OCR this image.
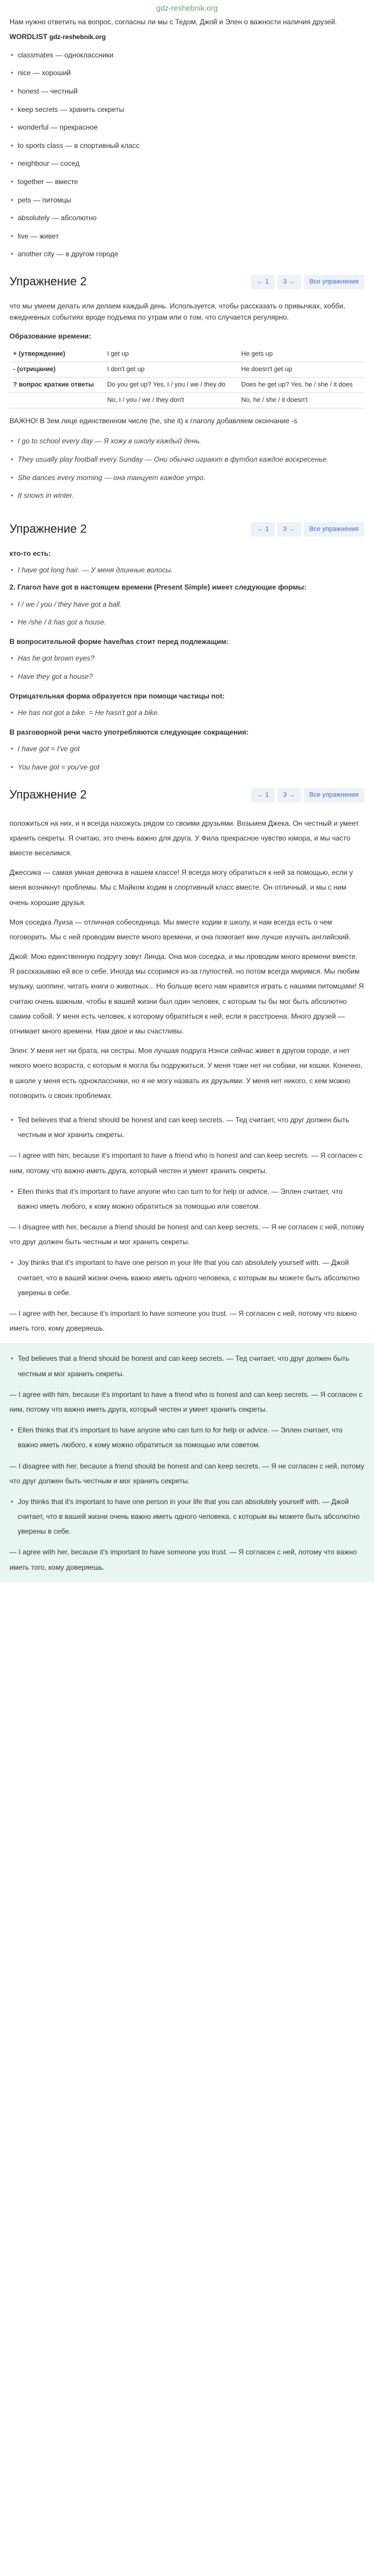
gdz-reshebnik.org
Нам нужно ответить на вопрос, согласны ли мы с Тедом, Джой и Элен о важности наличия друзей.
WORDLIST gdz-reshebnik.org
• classmates — одноклассники
• nice — хороший
• honest — честный
• keep secrets — хранить секреты
• wonderful — прекрасное
• to sports class — в спортивный класс
• neighbour — сосед
• together — вместе
• pets — питомцы
• absolutely — абсолютно
• live — живет
• another city — в другом городе
Упражнение 2	← 1	3 →	Все упражнения
что мы умеем делать или делаем каждый день. Используется, чтобы рассказать о привычках, хобби, ежедневных событиях вроде подъема по утрам или о том, что случается регулярно.
Образование времени:
+ (утверждение)	I get up	He gets up
- (отрицание)	I don't get up	He doesn't get up
? вопрос краткие ответы	Do you get up? Yes, I / you / we / they do	Does he get up? Yes, he / she / it does
	No, I / you / we / they don't	No, he / she / it doesn't
ВАЖНО! В 3ем лице единственном числе (he, she it) к глаголу добавляем окончание -s
• I go to school every day — Я хожу в школу каждый день.
• They usually play football every Sunday — Они обычно играют в футбол каждое воскресенье.
• She dances every morning — она танцует каждое утро.
• It snows in winter.
Упражнение 2	← 1	3 →	Все упражнения
кто-то есть:
• I have got long hair. — У меня длинные волосы.
2. Глагол have got в настоящем времени (Present Simple) имеет следующие формы:
• I / we / you / they have got a ball.
• He /she / it has got a house.
В вопросительной форме have/has стоит перед подлежащим:
• Has he got brown eyes?
• Have they got a house?
Отрицательная форма образуется при помощи частицы not:
• He has not got a bike. = He hasn't got a bike.
В разговорной речи часто употребляются следующие сокращения:
• I have got = I've got
• You have got = you've got
Упражнение 2	← 1	3 →	Все упражнения
положиться на них, и я всегда нахожусь рядом со своими друзьями. Возьмем Джека. Он честный и умеет хранить секреты. Я считаю, это очень важно для друга. У Фила прекрасное чувство юмора, и мы часто вместе веселимся.
Джессика — самая умная девочка в нашем классе! Я всегда могу обратиться к ней за помощью, если у меня возникнут проблемы. Мы с Майком ходим в спортивный класс вместе. Он отличный, и мы с ним очень хорошие друзья.
Моя соседка Луиза — отличная собеседница. Мы вместе ходим в школу, и нам всегда есть о чем поговорить. Мы с ней проводим вместе много времени, и она помогает мне лучше изучать английский.
Джой: Мою единственную подругу зовут Линда. Она моя соседка, и мы проводим много времени вместе. Я рассказываю ей все о себе. Иногда мы ссоримся из-за глупостей, но потом всегда миримся. Мы любим музыку, шоппинг, читать книги о животных... Но больше всего нам нравится играть с нашими питомцами! Я считаю очень важным, чтобы в вашей жизни был один человек, с которым ты бы мог быть абсолютно самим собой. У меня есть человек, к которому обратиться к ней, если я расстроена. Много друзей — отнимает много времени. Нам двое и мы счастливы.
Элен: У меня нет ни брата, ни сестры. Моя лучшая подруга Нэнси сейчас живет в другом городе, и нет никого моего возраста, с которым я могла бы подружиться. У меня тоже нет ни собаки, ни кошки. Конечно, в школе у меня есть одноклассники, но я не могу назвать их друзьями. У меня нет никого, с кем можно поговорить о своих проблемах.
• Ted believes that a friend should be honest and can keep secrets. — Тед считает, что друг должен быть честным и мог хранить секреты.
— I agree with him, because it's important to have a friend who is honest and can keep secrets. — Я согласен с ним, потому что важно иметь друга, который честен и умеет хранить секреты.
• Ellen thinks that it's important to have anyone who can turn to for help or advice. — Эллен считает, что важно иметь любого, к кому можно обратиться за помощью или советом.
— I disagree with her, because a friend should be honest and can keep secrets. — Я не согласен с ней, потому что друг должен быть честным и мог хранить секреты.
• Joy thinks that it's important to have one person in your life that you can absolutely yourself with. — Джой считает, что в вашей жизни очень важно иметь одного человека, с которым вы можете быть абсолютно уверены в себе.
— I agree with her, because it's important to have someone you trust. — Я согласен с ней, потому что важно иметь того, кому доверяешь.
• Ted believes that a friend should be honest and can keep secrets. — Тед считает, что друг должен быть честным и мог хранить секреты.
— I agree with him, because it's important to have a friend who is honest and can keep secrets. — Я согласен с ним, потому что важно иметь друга, который честен и умеет хранить секреты.
• Ellen thinks that it's important to have anyone who can turn to for help or advice. — Эллен считает, что важно иметь любого, к кому можно обратиться за помощью или советом.
— I disagree with her, because a friend should be honest and can keep secrets. — Я не согласен с ней, потому что друг должен быть честным и мог хранить секреты.
• Joy thinks that it's important to have one person in your life that you can absolutely yourself with. — Джой считает, что в вашей жизни очень важно иметь одного человека, с которым вы можете быть абсолютно уверены в себе.
— I agree with her, because it's important to have someone you trust. — Я согласен с ней, потому что важно иметь того, кому доверяешь.
